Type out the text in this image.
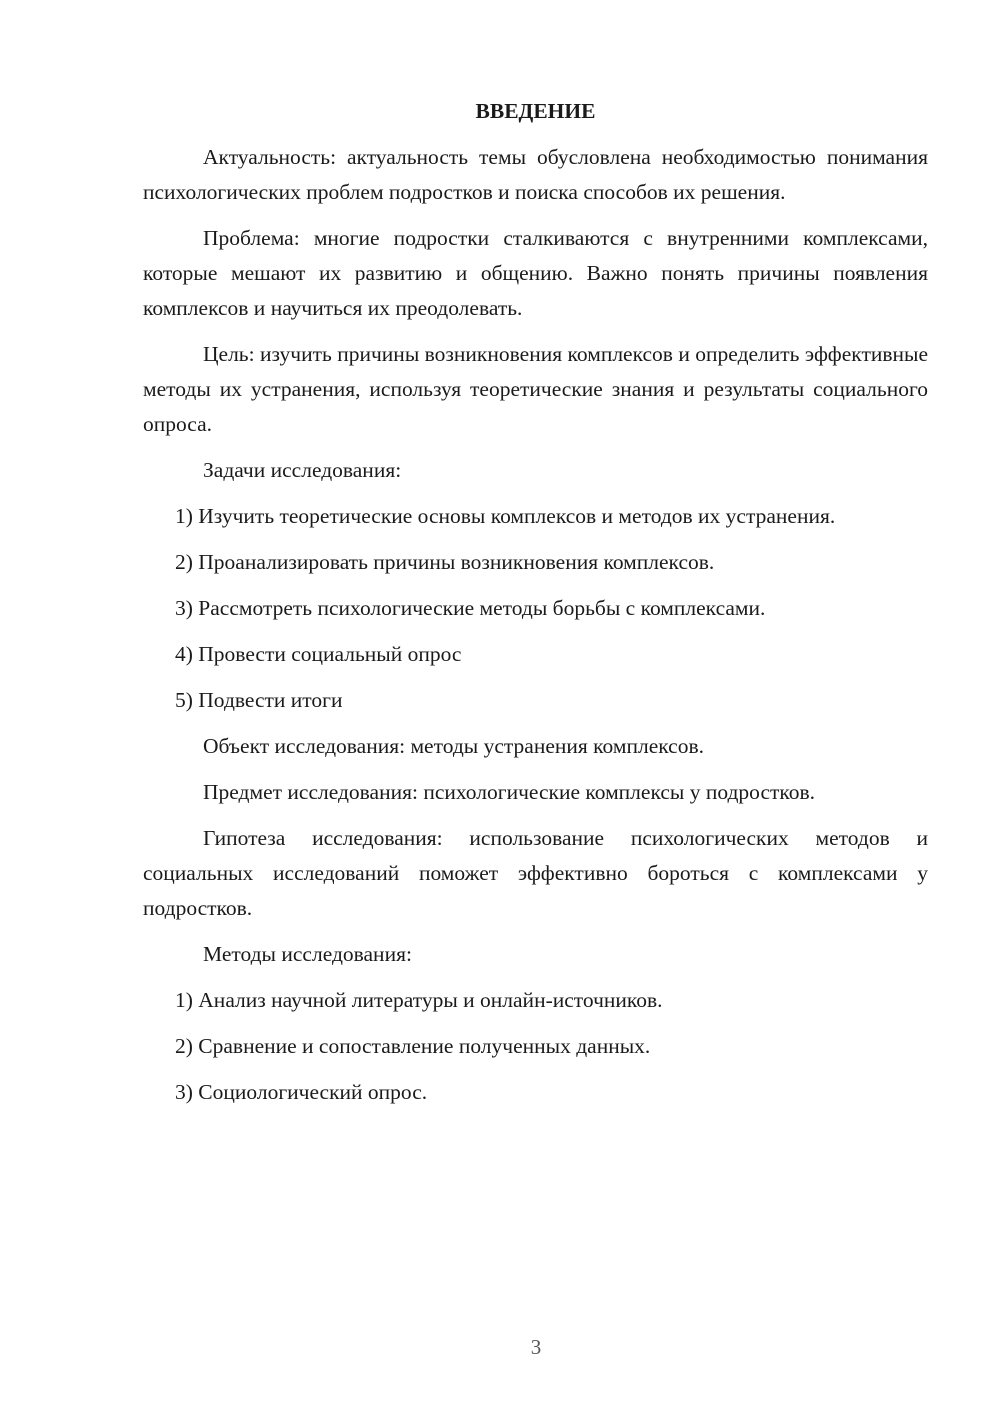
ВВЕДЕНИЕ

Актуальность: актуальность темы обусловлена необходимостью понимания психологических проблем подростков и поиска способов их решения.

Проблема: многие подростки сталкиваются с внутренними комплексами, которые мешают их развитию и общению. Важно понять причины появления комплексов и научиться их преодолевать.

Цель: изучить причины возникновения комплексов и определить эффективные методы их устранения, используя теоретические знания и результаты социального опроса.

Задачи исследования:

1) Изучить теоретические основы комплексов и методов их устранения.

2) Проанализировать причины возникновения комплексов.

3) Рассмотреть психологические методы борьбы с комплексами.

4) Провести социальный опрос

5) Подвести итоги

Объект исследования: методы устранения комплексов.

Предмет исследования: психологические комплексы у подростков.

Гипотеза исследования: использование психологических методов и социальных исследований поможет эффективно бороться с комплексами у подростков.

Методы исследования:

1) Анализ научной литературы и онлайн-источников.

2) Сравнение и сопоставление полученных данных.

3) Социологический опрос.

3
